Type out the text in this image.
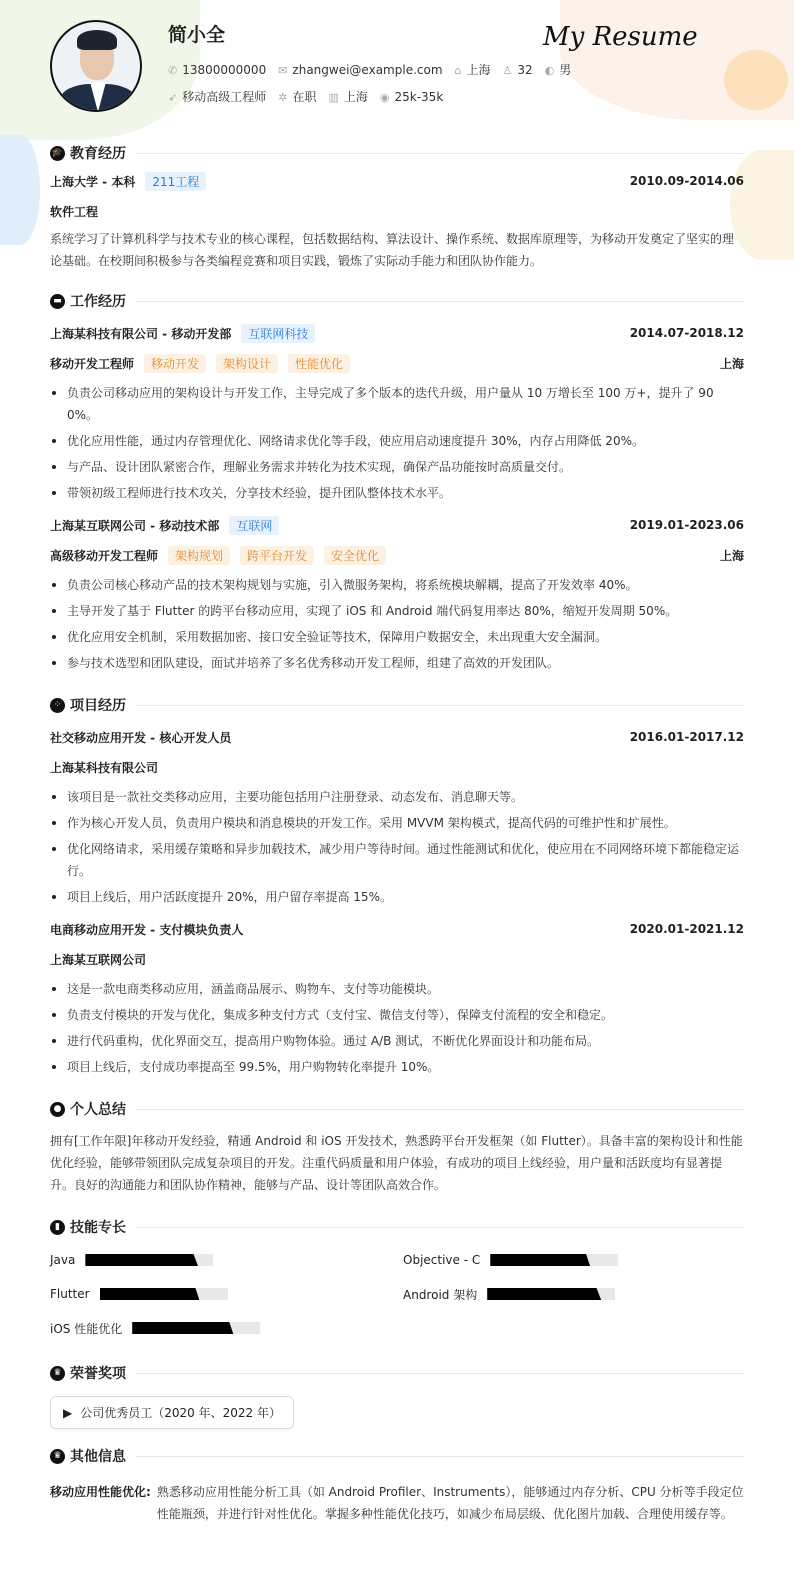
简小全	My Resume
✆ 13800000000 ✉ zhangwei@example.com ⌂ 上海 ♙ 32 ◐ 男
➶ 移动高级工程师 ✲ 在职 ▥ 上海 ◉ 25k-35k
🎓 教育经历
上海大学 - 本科	211工程	2010.09-2014.06
软件工程
系统学习了计算机科学与技术专业的核心课程，包括数据结构、算法设计、操作系统、数据库原理等，为移动开发奠定了坚实的理论基础。在校期间积极参与各类编程竞赛和项目实践，锻炼了实际动手能力和团队协作能力。
▬ 工作经历
上海某科技有限公司 - 移动开发部	互联网科技	2014.07-2018.12
移动开发工程师	移动开发	架构设计	性能优化	上海
负责公司移动应用的架构设计与开发工作，主导完成了多个版本的迭代升级，用户量从 10 万增长至 100 万+，提升了 900%。
优化应用性能，通过内存管理优化、网络请求优化等手段，使应用启动速度提升 30%，内存占用降低 20%。
与产品、设计团队紧密合作，理解业务需求并转化为技术实现，确保产品功能按时高质量交付。
带领初级工程师进行技术攻关，分享技术经验，提升团队整体技术水平。
上海某互联网公司 - 移动技术部	互联网	2019.01-2023.06
高级移动开发工程师	架构规划	跨平台开发	安全优化	上海
负责公司核心移动产品的技术架构规划与实施，引入微服务架构，将系统模块解耦，提高了开发效率 40%。
主导开发了基于 Flutter 的跨平台移动应用，实现了 iOS 和 Android 端代码复用率达 80%，缩短开发周期 50%。
优化应用安全机制，采用数据加密、接口安全验证等技术，保障用户数据安全，未出现重大安全漏洞。
参与技术选型和团队建设，面试并培养了多名优秀移动开发工程师，组建了高效的开发团队。
⁘ 项目经历
社交移动应用开发 - 核心开发人员	2016.01-2017.12
上海某科技有限公司
该项目是一款社交类移动应用，主要功能包括用户注册登录、动态发布、消息聊天等。
作为核心开发人员，负责用户模块和消息模块的开发工作。采用 MVVM 架构模式，提高代码的可维护性和扩展性。
优化网络请求，采用缓存策略和异步加载技术，减少用户等待时间。通过性能测试和优化，使应用在不同网络环境下都能稳定运行。
项目上线后，用户活跃度提升 20%，用户留存率提高 15%。
电商移动应用开发 - 支付模块负责人	2020.01-2021.12
上海某互联网公司
这是一款电商类移动应用，涵盖商品展示、购物车、支付等功能模块。
负责支付模块的开发与优化，集成多种支付方式（支付宝、微信支付等），保障支付流程的安全和稳定。
进行代码重构，优化界面交互，提高用户购物体验。通过 A/B 测试，不断优化界面设计和功能布局。
项目上线后，支付成功率提高至 99.5%，用户购物转化率提升 10%。
● 个人总结
拥有[工作年限]年移动开发经验，精通 Android 和 iOS 开发技术，熟悉跨平台开发框架（如 Flutter）。具备丰富的架构设计和性能优化经验，能够带领团队完成复杂项目的开发。注重代码质量和用户体验，有成功的项目上线经验，用户量和活跃度均有显著提升。良好的沟通能力和团队协作精神，能够与产品、设计等团队高效合作。
▮ 技能专长
Java	Objective - C
Flutter	Android 架构
iOS 性能优化
♛ 荣誉奖项
▶ 公司优秀员工（2020 年、2022 年）
♛ 其他信息
移动应用性能优化: 熟悉移动应用性能分析工具（如 Android Profiler、Instruments），能够通过内存分析、CPU 分析等手段定位性能瓶颈，并进行针对性优化。掌握多种性能优化技巧，如减少布局层级、优化图片加载、合理使用缓存等。
